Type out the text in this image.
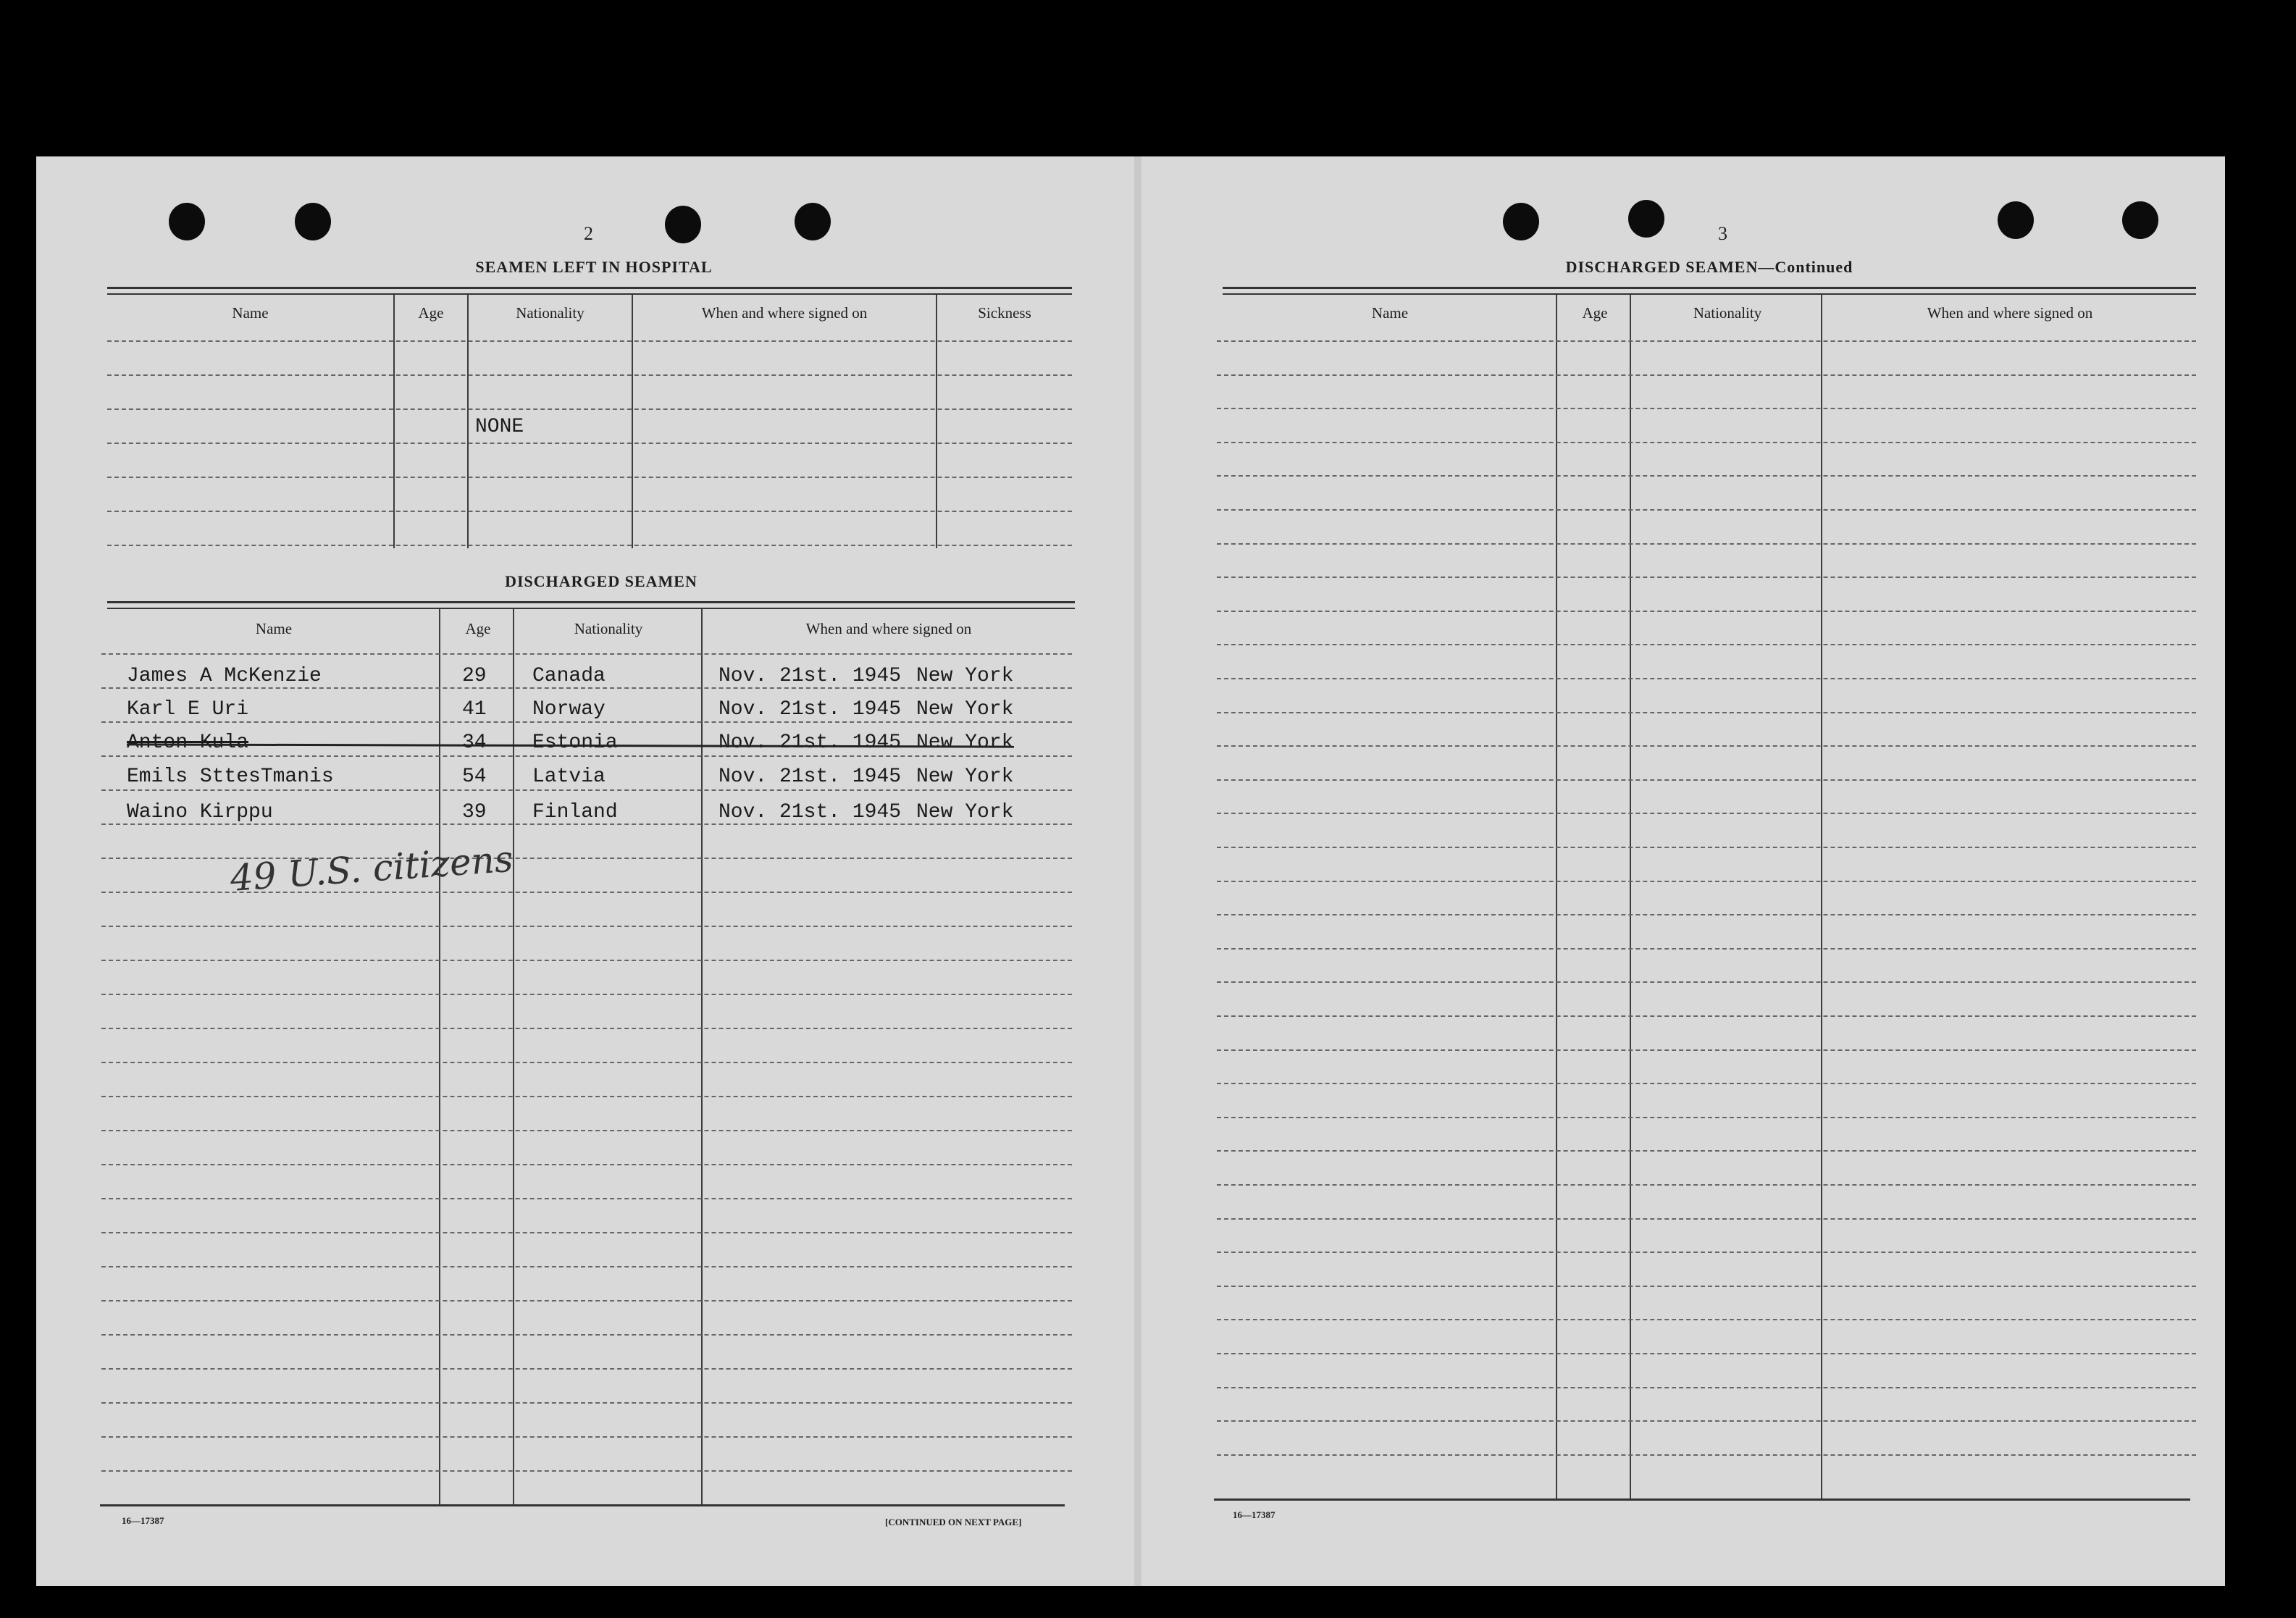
2
SEAMEN LEFT IN HOSPITAL
Name	Age	Nationality	When and where signed on	Sickness
NONE
DISCHARGED SEAMEN
Name	Age	Nationality	When and where signed on
James A McKenzie	29 Canada	Nov. 21st. 1945 New York
Karl E Uri	41 Norway	Nov. 21st. 1945 New York
Anton Kula	34 Estonia	Nov. 21st. 1945 New York
Emils SttesTmanis	54 Latvia	Nov. 21st. 1945 New York
Waino Kirppu	39 Finland	Nov. 21st. 1945 New York
49 U.S. citizens
16—17387	[CONTINUED ON NEXT PAGE]
3
DISCHARGED SEAMEN—Continued
Name	Age	Nationality	When and where signed on
16—17387
